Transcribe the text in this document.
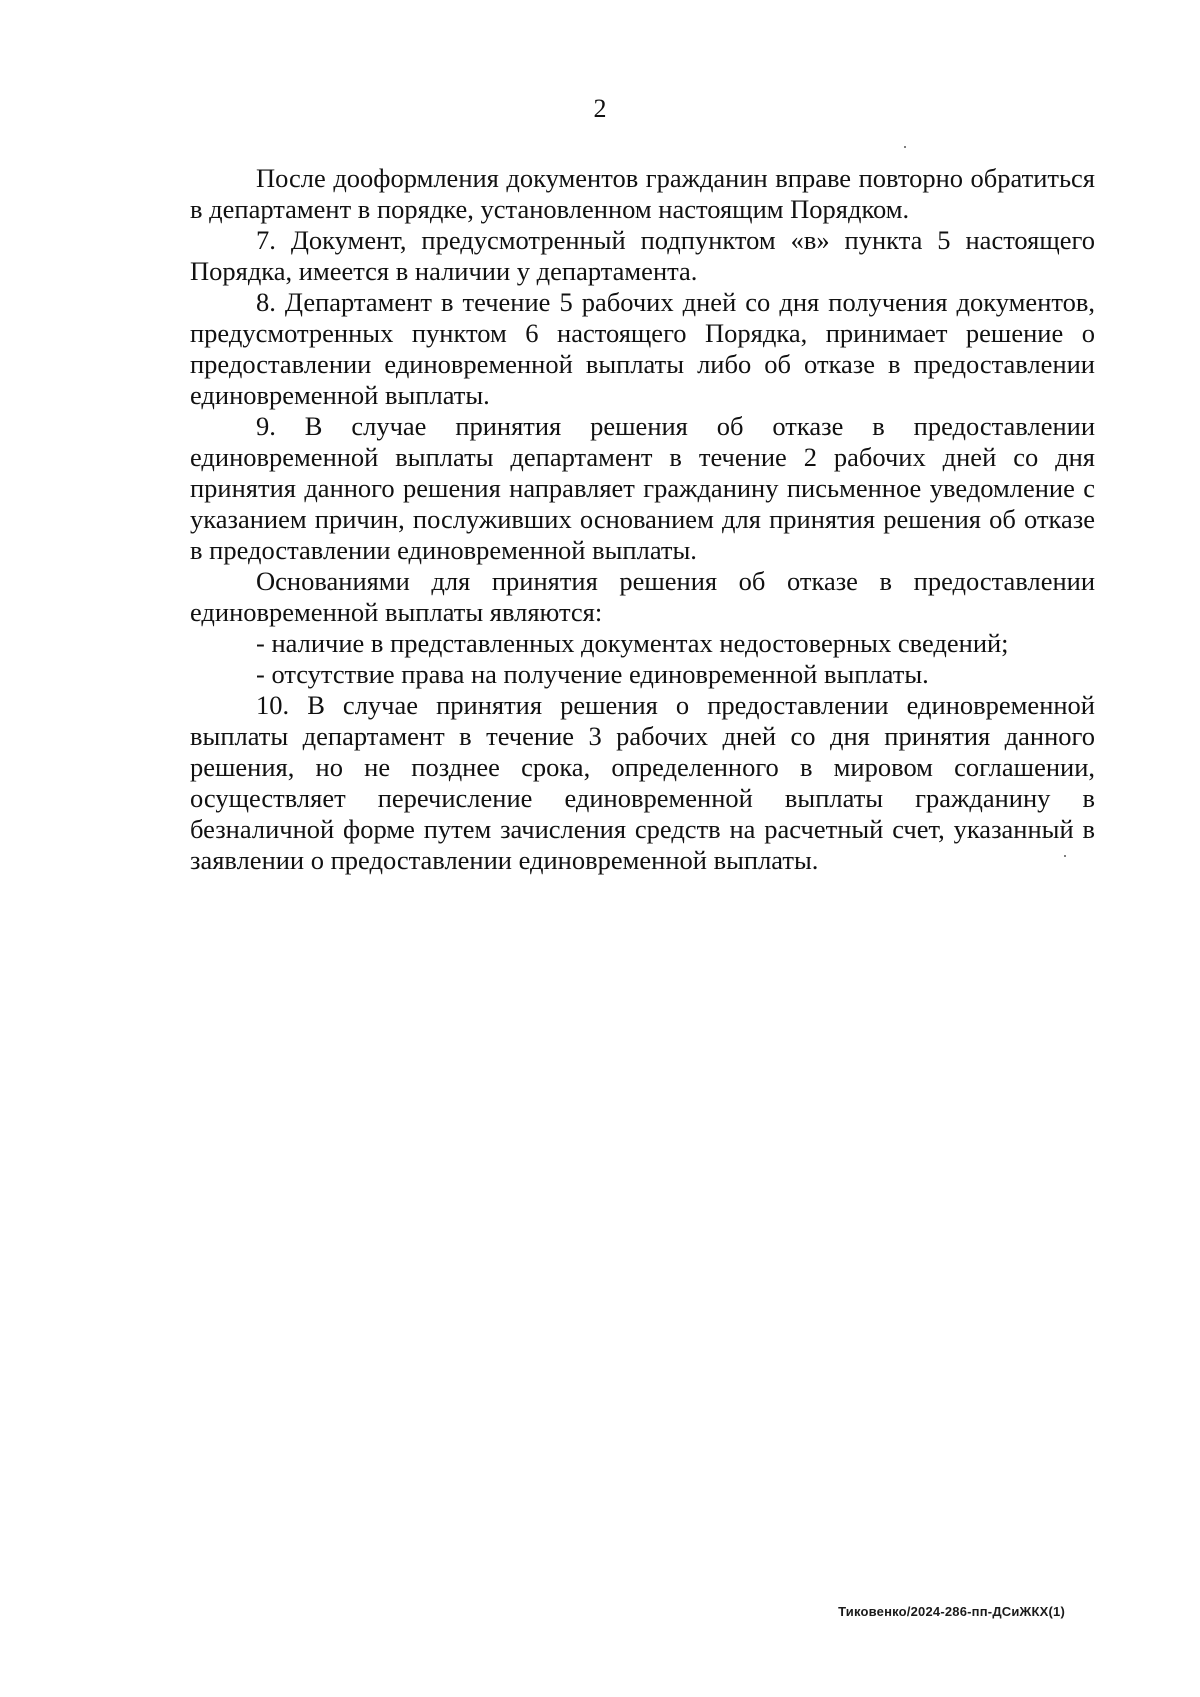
2

После дооформления документов гражданин вправе повторно обратиться в департамент в порядке, установленном настоящим Порядком.

7. Документ, предусмотренный подпунктом «в» пункта 5 настоящего Порядка, имеется в наличии у департамента.

8. Департамент в течение 5 рабочих дней со дня получения документов, предусмотренных пунктом 6 настоящего Порядка, принимает решение о предоставлении единовременной выплаты либо об отказе в предоставлении единовременной выплаты.

9. В случае принятия решения об отказе в предоставлении единовременной выплаты департамент в течение 2 рабочих дней со дня принятия данного решения направляет гражданину письменное уведомление с указанием причин, послуживших основанием для принятия решения об отказе в предоставлении единовременной выплаты.

Основаниями для принятия решения об отказе в предоставлении единовременной выплаты являются:

- наличие в представленных документах недостоверных сведений;

- отсутствие права на получение единовременной выплаты.

10. В случае принятия решения о предоставлении единовременной выплаты департамент в течение 3 рабочих дней со дня принятия данного решения, но не позднее срока, определенного в мировом соглашении, осуществляет перечисление единовременной выплаты гражданину в безналичной форме путем зачисления средств на расчетный счет, указанный в заявлении о предоставлении единовременной выплаты.

Тиковенко/2024-286-пп-ДСиЖКХ(1)
